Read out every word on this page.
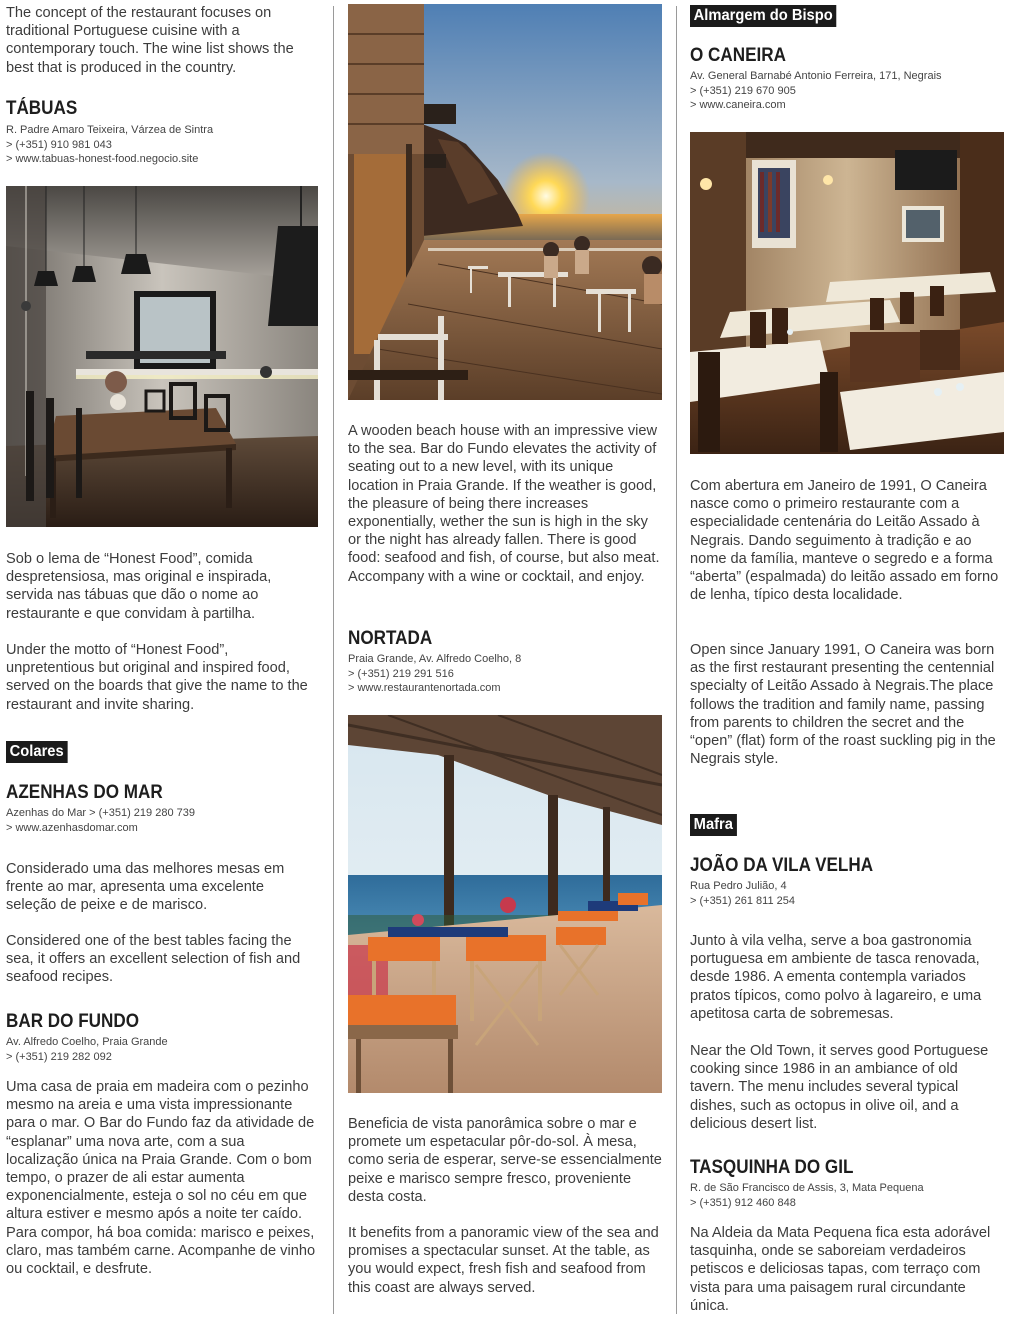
The concept of the restaurant focuses on traditional Portuguese cuisine with a contemporary touch. The wine list shows the best that is produced in the country.

TÁBUAS
R. Padre Amaro Teixeira, Várzea de Sintra
> (+351) 910 981 043
> www.tabuas-honest-food.negocio.site

Sob o lema de “Honest Food”, comida despretensiosa, mas original e inspirada, servida nas tábuas que dão o nome ao restaurante e que convidam à partilha.

Under the motto of “Honest Food”, unpretentious but original and inspired food, served on the boards that give the name to the restaurant and invite sharing.

Colares
AZENHAS DO MAR
Azenhas do Mar > (+351) 219 280 739
> www.azenhasdomar.com

Considerado uma das melhores mesas em frente ao mar, apresenta uma excelente seleção de peixe e de marisco.

Considered one of the best tables facing the sea, it offers an excellent selection of fish and seafood recipes.

BAR DO FUNDO
Av. Alfredo Coelho, Praia Grande
> (+351) 219 282 092

Uma casa de praia em madeira com o pezinho mesmo na areia e uma vista impressionante para o mar. O Bar do Fundo faz da atividade de “esplanar” uma nova arte, com a sua localização única na Praia Grande. Com o bom tempo, o prazer de ali estar aumenta exponencialmente, esteja o sol no céu em que altura estiver e mesmo após a noite ter caído. Para compor, há boa comida: marisco e peixes, claro, mas também carne. Acompanhe de vinho ou cocktail, e desfrute.

A wooden beach house with an impressive view to the sea. Bar do Fundo elevates the activity of seating out to a new level, with its unique location in Praia Grande. If the weather is good, the pleasure of being there increases exponentially, wether the sun is high in the sky or the night has already fallen. There is good food: seafood and fish, of course, but also meat. Accompany with a wine or cocktail, and enjoy.

NORTADA
Praia Grande, Av. Alfredo Coelho, 8
> (+351) 219 291 516
> www.restaurantenortada.com

Beneficia de vista panorâmica sobre o mar e promete um espetacular pôr-do-sol. À mesa, como seria de esperar, serve-se essencialmente peixe e marisco sempre fresco, proveniente desta costa.

It benefits from a panoramic view of the sea and promises a spectacular sunset. At the table, as you would expect, fresh fish and seafood from this coast are always served.

Almargem do Bispo
O CANEIRA
Av. General Barnabé Antonio Ferreira, 171, Negrais
> (+351) 219 670 905
> www.caneira.com

Com abertura em Janeiro de 1991, O Caneira nasce como o primeiro restaurante com a especialidade centenária do Leitão Assado à Negrais. Dando seguimento à tradição e ao nome da família, manteve o segredo e a forma “aberta” (espalmada) do leitão assado em forno de lenha, típico desta localidade.

Open since January 1991, O Caneira was born as the first restaurant presenting the centennial specialty of Leitão Assado à Negrais.The place follows the tradition and family name, passing from parents to children the secret and the “open” (flat) form of the roast suckling pig in the Negrais style.

Mafra
JOÃO DA VILA VELHA
Rua Pedro Julião, 4
> (+351) 261 811 254

Junto à vila velha, serve a boa gastronomia portuguesa em ambiente de tasca renovada, desde 1986. A ementa contempla variados pratos típicos, como polvo à lagareiro, e uma apetitosa carta de sobremesas.

Near the Old Town, it serves good Portuguese cooking since 1986 in an ambiance of old tavern. The menu includes several typical dishes, such as octopus in olive oil, and a delicious desert list.

TASQUINHA DO GIL
R. de São Francisco de Assis, 3, Mata Pequena
> (+351) 912 460 848

Na Aldeia da Mata Pequena fica esta adorável tasquinha, onde se saboreiam verdadeiros petiscos e deliciosas tapas, com terraço com vista para uma paisagem rural circundante única.
